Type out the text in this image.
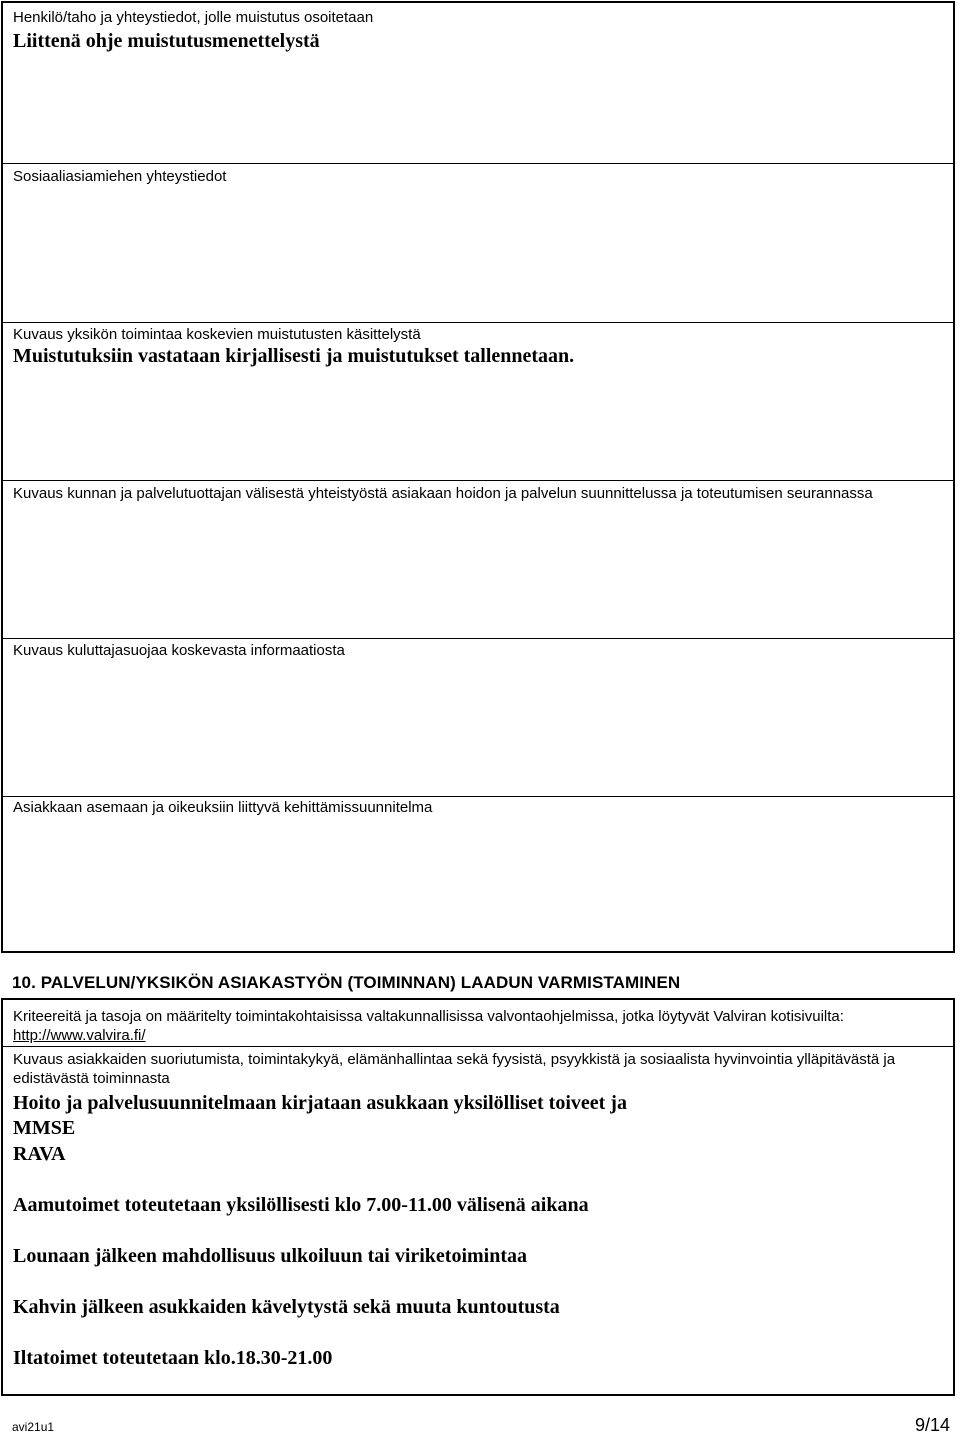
Henkilö/taho ja yhteystiedot, jolle muistutus osoitetaan
Liittenä ohje muistutusmenettelystä
Sosiaaliasiamiehen yhteystiedot
Kuvaus yksikön toimintaa koskevien muistutusten käsittelystä
Muistutuksiin vastataan kirjallisesti ja muistutukset tallennetaan.
Kuvaus kunnan ja palvelutuottajan välisestä yhteistyöstä asiakaan hoidon ja palvelun suunnittelussa ja toteutumisen seurannassa
Kuvaus kuluttajasuojaa koskevasta informaatiosta
Asiakkaan asemaan ja oikeuksiin liittyvä kehittämissuunnitelma
10. PALVELUN/YKSIKÖN ASIAKASTYÖN (TOIMINNAN) LAADUN VARMISTAMINEN
Kriteereitä ja tasoja on määritelty toimintakohtaisissa valtakunnallisissa valvontaohjelmissa, jotka löytyvät Valviran kotisivuilta: http://www.valvira.fi/
Kuvaus asiakkaiden suoriutumista, toimintakykyä, elämänhallintaa sekä fyysistä, psyykkistä ja sosiaalista hyvinvointia ylläpitävästä ja edistävästä toiminnasta
Hoito ja palvelusuunnitelmaan kirjataan asukkaan yksilölliset toiveet ja
MMSE
RAVA
Aamutoimet toteutetaan yksilöllisesti klo 7.00-11.00 välisenä aikana
Lounaan jälkeen mahdollisuus ulkoiluun tai viriketoimintaa
Kahvin jälkeen asukkaiden kävelytystä sekä muuta kuntoutusta
Iltatoimet toteutetaan klo.18.30-21.00
avi21u1	9/14
